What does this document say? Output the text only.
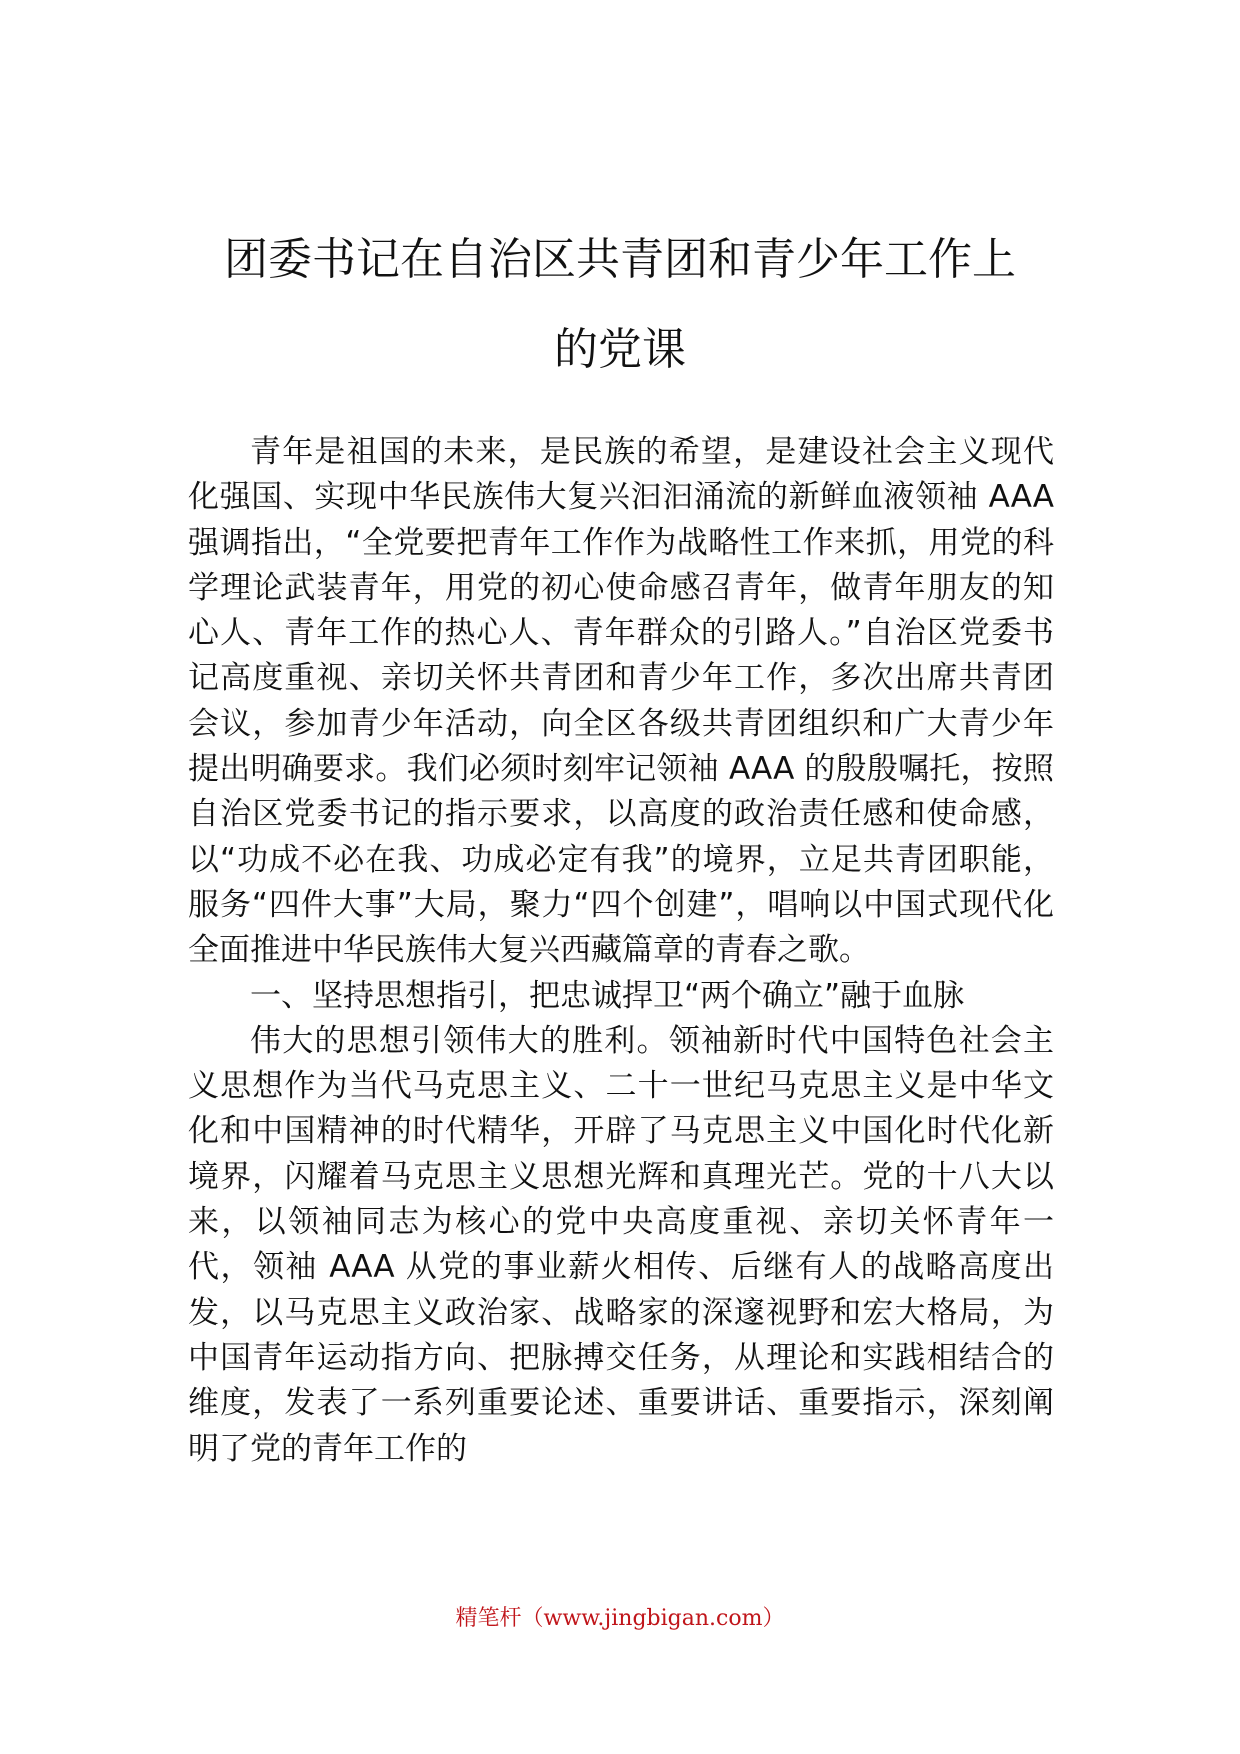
团委书记在自治区共青团和青少年工作上
的党课

青年是祖国的未来，是民族的希望，是建设社会主义现代化强国、实现中华民族伟大复兴汩汩涌流的新鲜血液领袖 AAA 强调指出，“全党要把青年工作作为战略性工作来抓，用党的科学理论武装青年，用党的初心使命感召青年，做青年朋友的知心人、青年工作的热心人、青年群众的引路人。”自治区党委书记高度重视、亲切关怀共青团和青少年工作，多次出席共青团会议，参加青少年活动，向全区各级共青团组织和广大青少年提出明确要求。我们必须时刻牢记领袖 AAA 的殷殷嘱托，按照自治区党委书记的指示要求，以高度的政治责任感和使命感，以“功成不必在我、功成必定有我”的境界，立足共青团职能，服务“四件大事”大局，聚力“四个创建”，唱响以中国式现代化全面推进中华民族伟大复兴西藏篇章的青春之歌。

一、坚持思想指引，把忠诚捍卫“两个确立”融于血脉

伟大的思想引领伟大的胜利。领袖新时代中国特色社会主义思想作为当代马克思主义、二十一世纪马克思主义是中华文化和中国精神的时代精华，开辟了马克思主义中国化时代化新境界，闪耀着马克思主义思想光辉和真理光芒。党的十八大以来，以领袖同志为核心的党中央高度重视、亲切关怀青年一代，领袖 AAA 从党的事业薪火相传、后继有人的战略高度出发，以马克思主义政治家、战略家的深邃视野和宏大格局，为中国青年运动指方向、把脉搏交任务，从理论和实践相结合的维度，发表了一系列重要论述、重要讲话、重要指示，深刻阐明了党的青年工作的

精笔杆（www.jingbigan.com）
